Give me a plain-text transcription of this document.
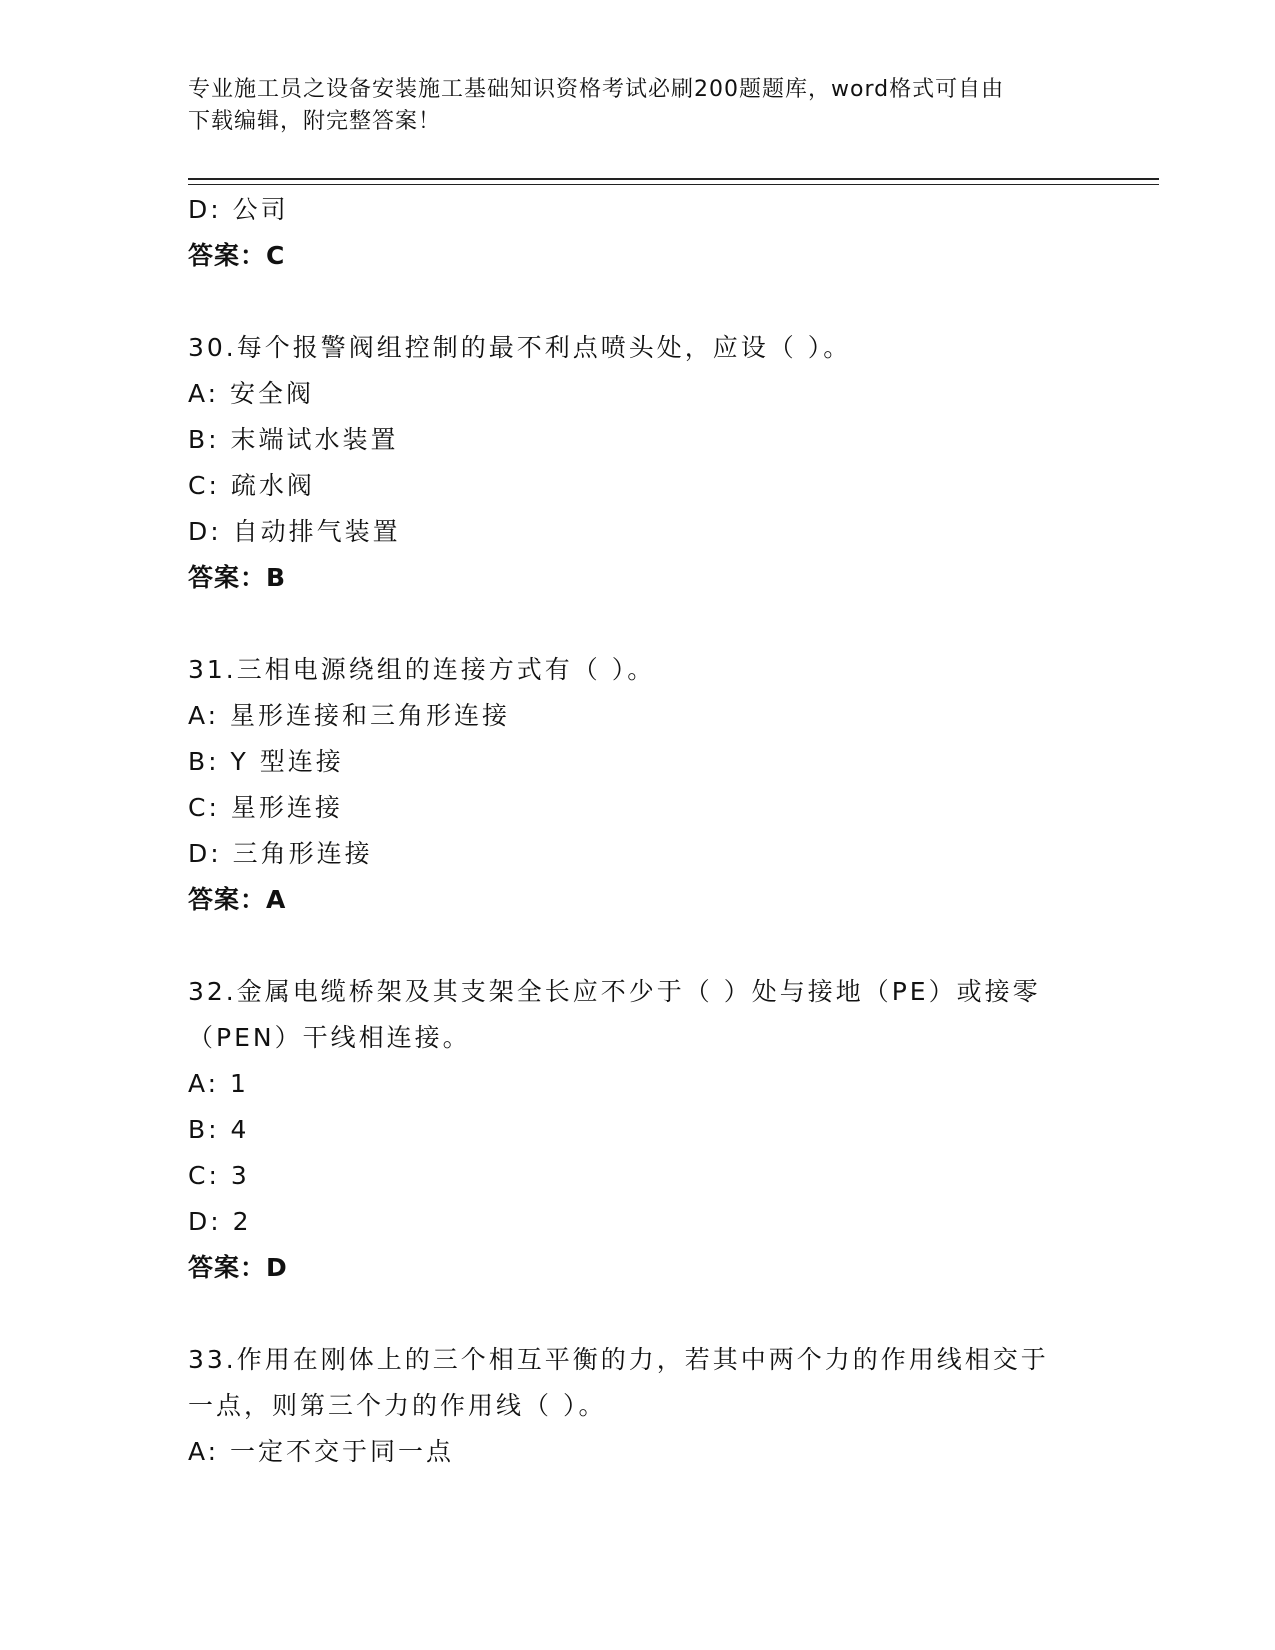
专业施工员之设备安装施工基础知识资格考试必刷200题题库，word格式可自由
下载编辑，附完整答案！
D: 公司
答案：C
30.每个报警阀组控制的最不利点喷头处，应设（ ）。
A: 安全阀
B: 末端试水装置
C: 疏水阀
D: 自动排气装置
答案：B
31.三相电源绕组的连接方式有（ ）。
A: 星形连接和三角形连接
B: Y 型连接
C: 星形连接
D: 三角形连接
答案：A
32.金属电缆桥架及其支架全长应不少于（ ）处与接地（PE）或接零
（PEN）干线相连接。
A: 1
B: 4
C: 3
D: 2
答案：D
33.作用在刚体上的三个相互平衡的力，若其中两个力的作用线相交于
一点，则第三个力的作用线（ ）。
A: 一定不交于同一点
